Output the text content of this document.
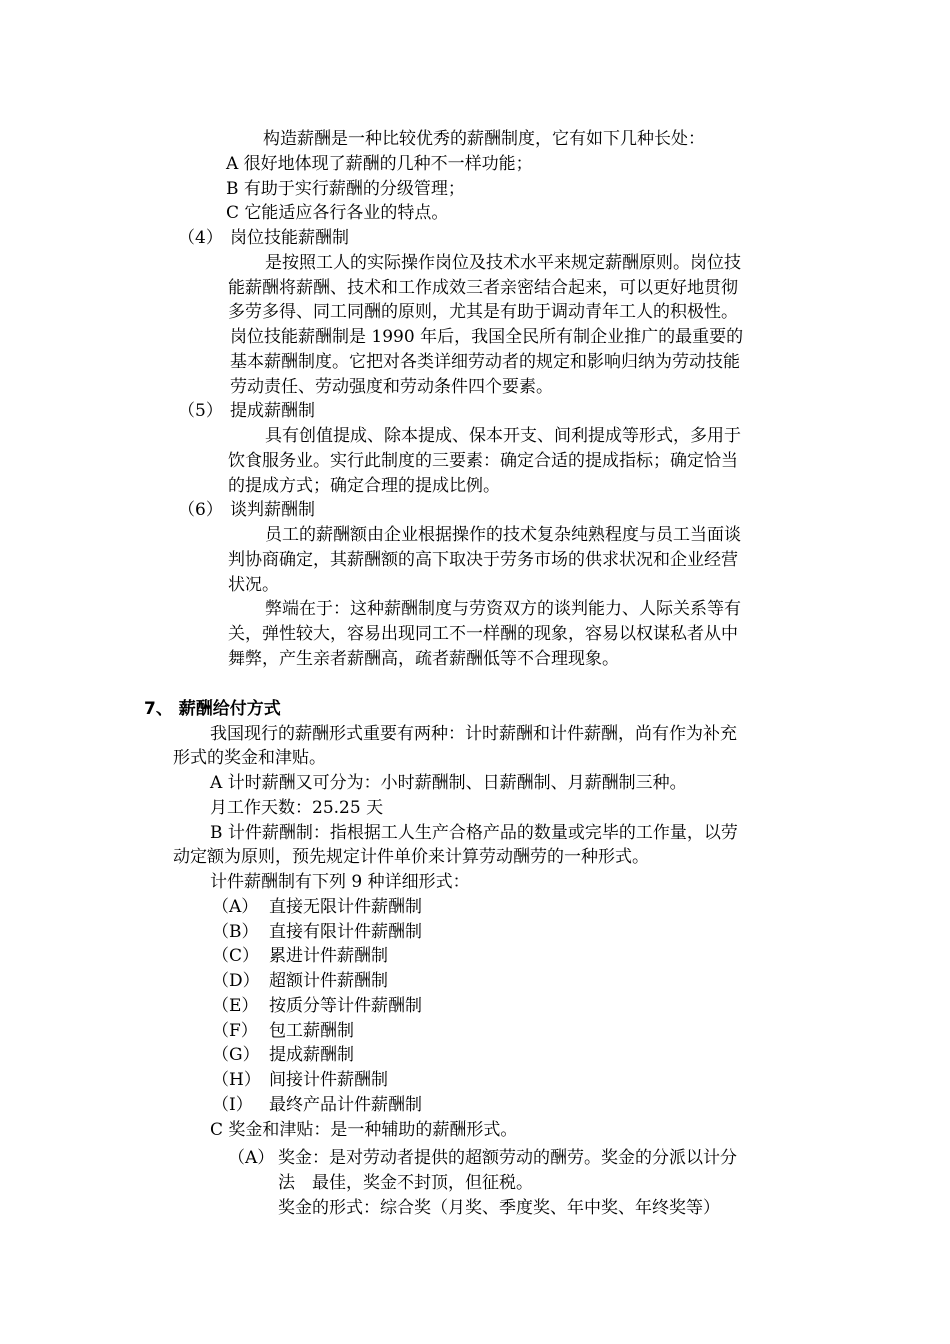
构造薪酬是一种比较优秀的薪酬制度，它有如下几种长处：
A 很好地体现了薪酬的几种不一样功能；
B 有助于实行薪酬的分级管理；
C 它能适应各行各业的特点。
（4） 岗位技能薪酬制
是按照工人的实际操作岗位及技术水平来规定薪酬原则。岗位技
能薪酬将薪酬、技术和工作成效三者亲密结合起来，可以更好地贯彻
多劳多得、同工同酬的原则，尤其是有助于调动青年工人的积极性。
岗位技能薪酬制是 1990 年后，我国全民所有制企业推广的最重要的
基本薪酬制度。它把对各类详细劳动者的规定和影响归纳为劳动技能
劳动责任、劳动强度和劳动条件四个要素。
（5） 提成薪酬制
具有创值提成、除本提成、保本开支、间利提成等形式，多用于
饮食服务业。实行此制度的三要素：确定合适的提成指标；确定恰当
的提成方式；确定合理的提成比例。
（6） 谈判薪酬制
员工的薪酬额由企业根据操作的技术复杂纯熟程度与员工当面谈
判协商确定，其薪酬额的高下取决于劳务市场的供求状况和企业经营
状况。
弊端在于：这种薪酬制度与劳资双方的谈判能力、人际关系等有
关，弹性较大，容易出现同工不一样酬的现象，容易以权谋私者从中
舞弊，产生亲者薪酬高，疏者薪酬低等不合理现象。
7、 薪酬给付方式
我国现行的薪酬形式重要有两种：计时薪酬和计件薪酬，尚有作为补充
形式的奖金和津贴。
A 计时薪酬又可分为：小时薪酬制、日薪酬制、月薪酬制三种。
月工作天数：25.25 天
B 计件薪酬制：指根据工人生产合格产品的数量或完毕的工作量，以劳
动定额为原则，预先规定计件单价来计算劳动酬劳的一种形式。
计件薪酬制有下列 9 种详细形式：
（A） 直接无限计件薪酬制
（B） 直接有限计件薪酬制
（C） 累进计件薪酬制
（D） 超额计件薪酬制
（E） 按质分等计件薪酬制
（F） 包工薪酬制
（G） 提成薪酬制
（H） 间接计件薪酬制
（I） 最终产品计件薪酬制
C 奖金和津贴：是一种辅助的薪酬形式。
（A） 奖金：是对劳动者提供的超额劳动的酬劳。奖金的分派以计分
法　最佳，奖金不封顶，但征税。
奖金的形式：综合奖（月奖、季度奖、年中奖、年终奖等）
